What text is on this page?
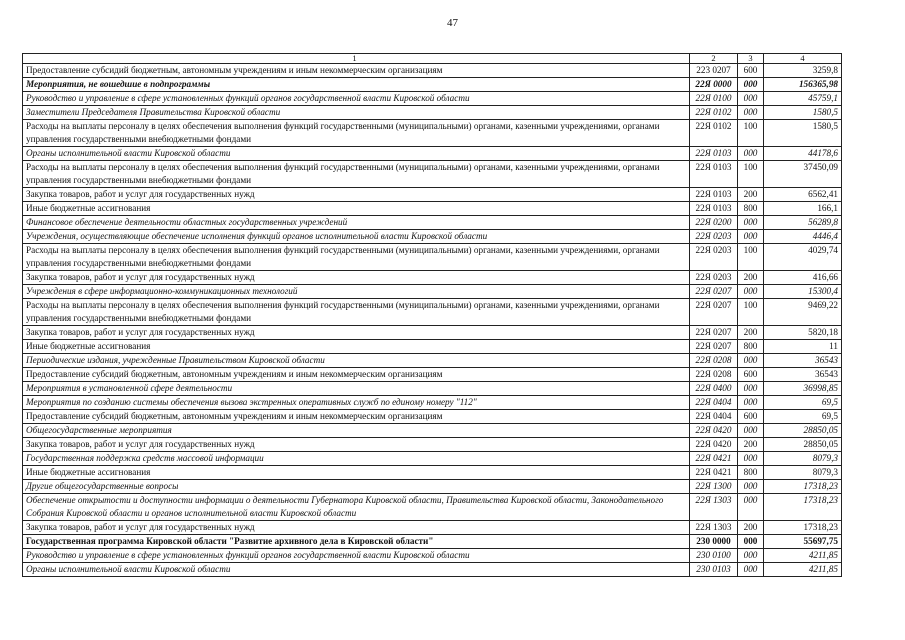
47
1	2	3	4
Предоставление субсидий бюджетным, автономным учреждениям и иным некоммерческим организациям	223 0207	600	3259,8
Мероприятия, не вошедшие в подпрограммы	22Я 0000	000	156365,98
Руководство и управление в сфере установленных функций органов государственной власти Кировской области	22Я 0100	000	45759,1
Заместители Председателя Правительства Кировской области	22Я 0102	000	1580,5
Расходы на выплаты персоналу в целях обеспечения выполнения функций государственными (муниципальными) органами, казенными учреждениями, органами управления государственными внебюджетными фондами	22Я 0102	100	1580,5
Органы исполнительной власти Кировской области	22Я 0103	000	44178,6
Расходы на выплаты персоналу в целях обеспечения выполнения функций государственными (муниципальными) органами, казенными учреждениями, органами управления государственными внебюджетными фондами	22Я 0103	100	37450,09
Закупка товаров, работ и услуг для государственных нужд	22Я 0103	200	6562,41
Иные бюджетные ассигнования	22Я 0103	800	166,1
Финансовое обеспечение деятельности областных государственных учреждений	22Я 0200	000	56289,8
Учреждения, осуществляющие обеспечение исполнения функций органов исполнительной власти Кировской области	22Я 0203	000	4446,4
Расходы на выплаты персоналу в целях обеспечения выполнения функций государственными (муниципальными) органами, казенными учреждениями, органами управления государственными внебюджетными фондами	22Я 0203	100	4029,74
Закупка товаров, работ и услуг для государственных нужд	22Я 0203	200	416,66
Учреждения в сфере информационно-коммуникационных технологий	22Я 0207	000	15300,4
Расходы на выплаты персоналу в целях обеспечения выполнения функций государственными (муниципальными) органами, казенными учреждениями, органами управления государственными внебюджетными фондами	22Я 0207	100	9469,22
Закупка товаров, работ и услуг для государственных нужд	22Я 0207	200	5820,18
Иные бюджетные ассигнования	22Я 0207	800	11
Периодические издания, учрежденные Правительством Кировской области	22Я 0208	000	36543
Предоставление субсидий бюджетным, автономным учреждениям и иным некоммерческим организациям	22Я 0208	600	36543
Мероприятия в установленной сфере деятельности	22Я 0400	000	36998,85
Мероприятия по созданию системы обеспечения вызова экстренных оперативных служб по единому номеру "112"	22Я 0404	000	69,5
Предоставление субсидий бюджетным, автономным учреждениям и иным некоммерческим организациям	22Я 0404	600	69,5
Общегосударственные мероприятия	22Я 0420	000	28850,05
Закупка товаров, работ и услуг для государственных нужд	22Я 0420	200	28850,05
Государственная поддержка средств массовой информации	22Я 0421	000	8079,3
Иные бюджетные ассигнования	22Я 0421	800	8079,3
Другие общегосударственные вопросы	22Я 1300	000	17318,23
Обеспечение открытости и доступности информации о деятельности Губернатора Кировской области, Правительства Кировской области, Законодательного Собрания Кировской области и органов исполнительной власти Кировской области	22Я 1303	000	17318,23
Закупка товаров, работ и услуг для государственных нужд	22Я 1303	200	17318,23
Государственная программа Кировской области "Развитие архивного дела в Кировской области"	230 0000	000	55697,75
Руководство и управление в сфере установленных функций органов государственной власти Кировской области	230 0100	000	4211,85
Органы исполнительной власти Кировской области	230 0103	000	4211,85
